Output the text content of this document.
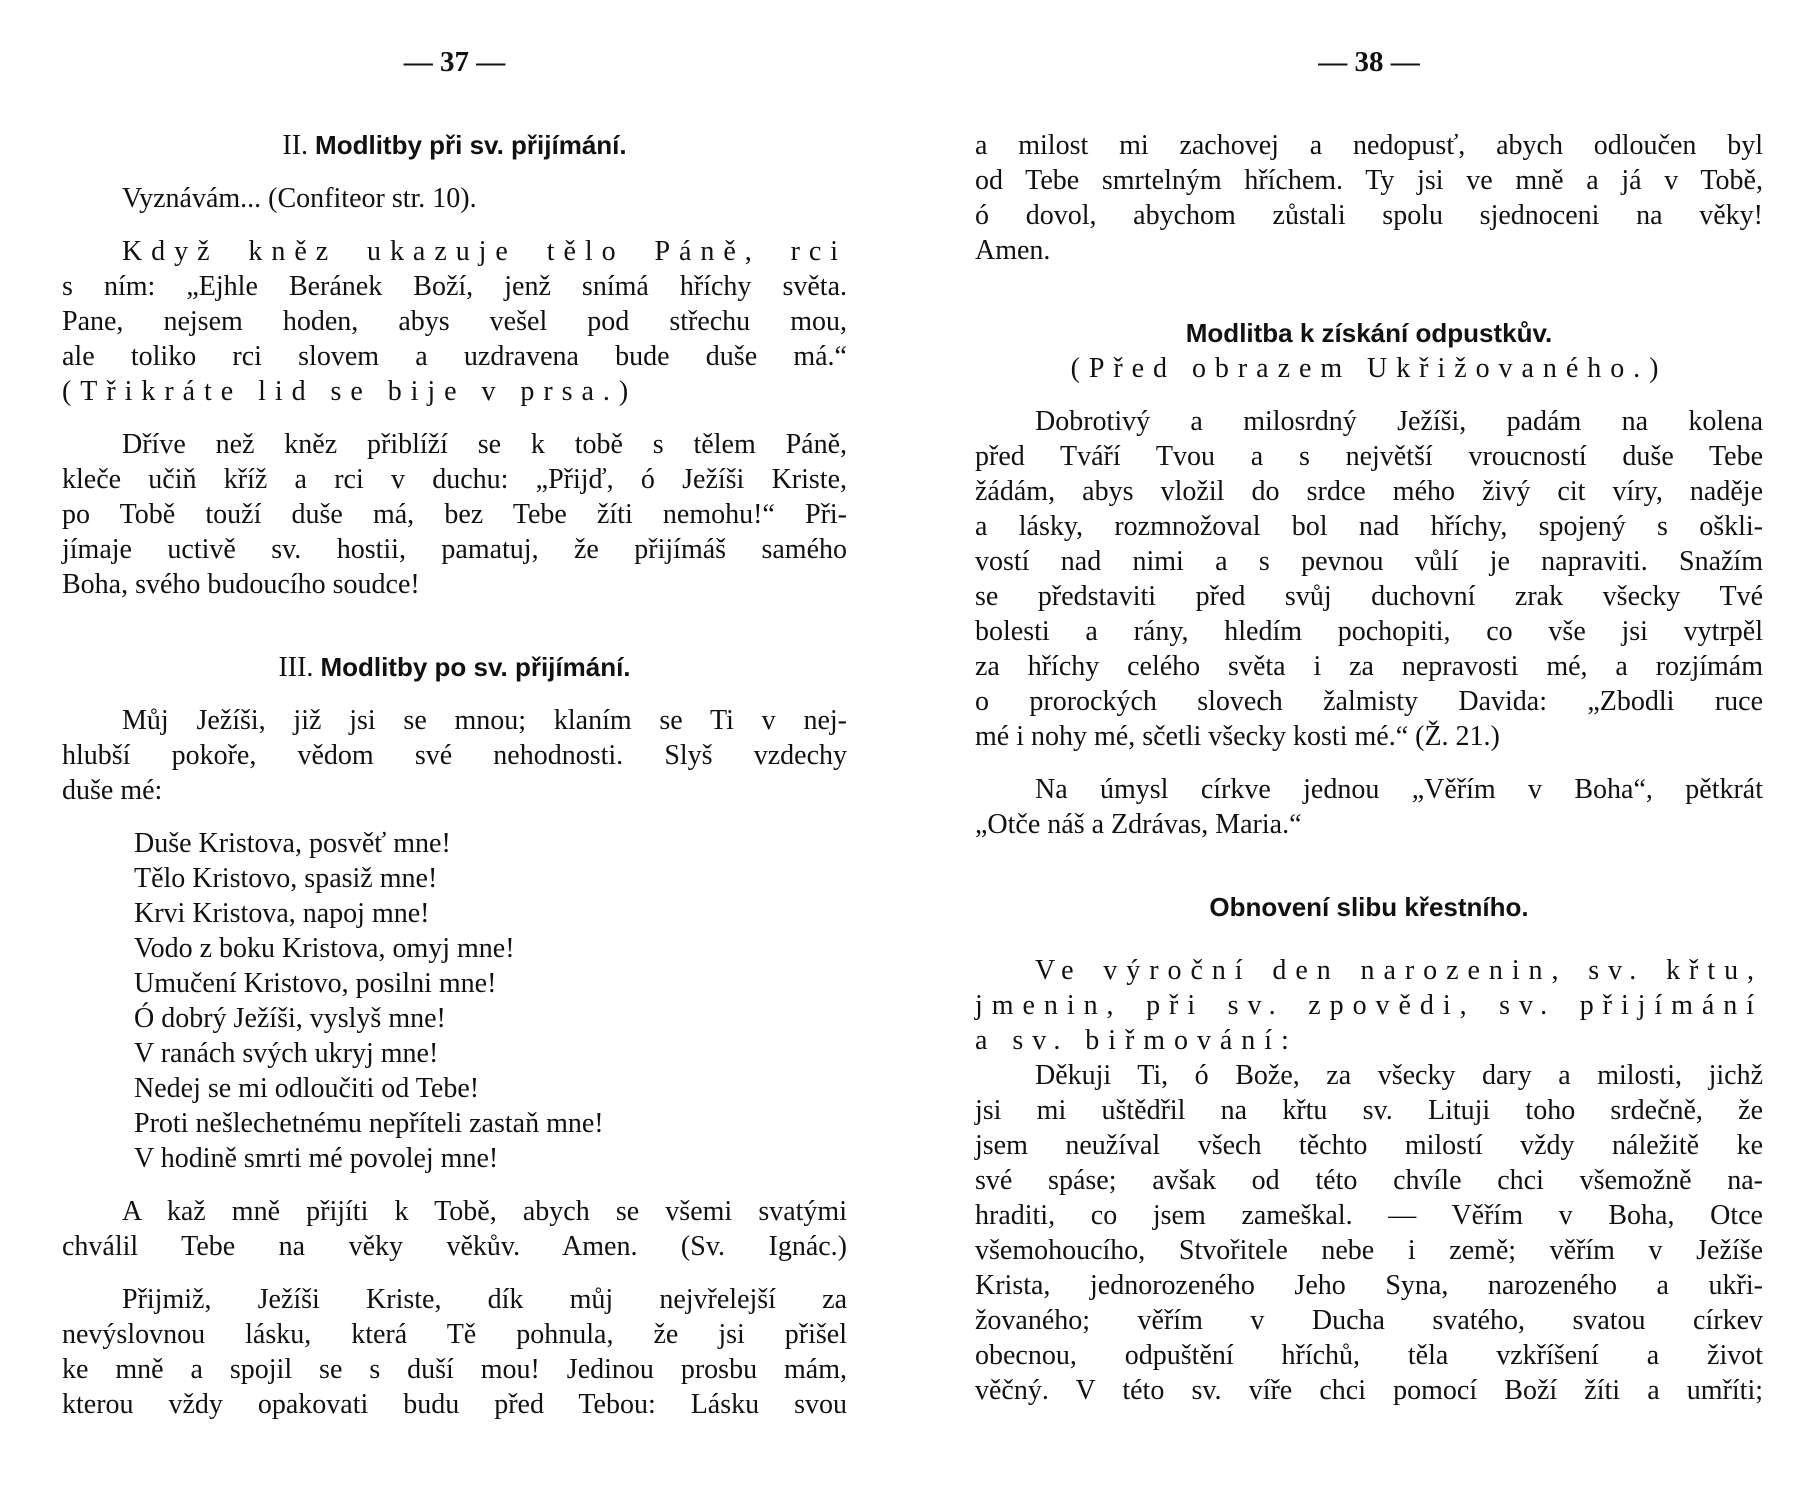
— 37 —
II. Modlitby při sv. přijímání.
Vyznávám... (Confiteor str. 10).
Když kněz ukazuje tělo Páně, rci
s ním: „Ejhle Beránek Boží, jenž snímá hříchy světa.
Pane, nejsem hoden, abys vešel pod střechu mou,
ale toliko rci slovem a uzdravena bude duše má.“
(Třikráte lid se bije v prsa.)
Dříve než kněz přiblíží se k tobě s tělem Páně,
kleče učiň kříž a rci v duchu: „Přijď, ó Ježíši Kriste,
po Tobě touží duše má, bez Tebe žíti nemohu!“ Při-
jímaje uctivě sv. hostii, pamatuj, že přijímáš samého
Boha, svého budoucího soudce!
III. Modlitby po sv. přijímání.
Můj Ježíši, již jsi se mnou; klaním se Ti v nej-
hlubší pokoře, vědom své nehodnosti. Slyš vzdechy
duše mé:
Duše Kristova, posvěť mne!
Tělo Kristovo, spasiž mne!
Krvi Kristova, napoj mne!
Vodo z boku Kristova, omyj mne!
Umučení Kristovo, posilni mne!
Ó dobrý Ježíši, vyslyš mne!
V ranách svých ukryj mne!
Nedej se mi odloučiti od Tebe!
Proti nešlechetnému nepříteli zastaň mne!
V hodině smrti mé povolej mne!
A kaž mně přijíti k Tobě, abych se všemi svatými
chválil Tebe na věky věkův. Amen. (Sv. Ignác.)
Přijmiž, Ježíši Kriste, dík můj nejvřelejší za
nevýslovnou lásku, která Tě pohnula, že jsi přišel
ke mně a spojil se s duší mou! Jedinou prosbu mám,
kterou vždy opakovati budu před Tebou: Lásku svou
— 38 —
a milost mi zachovej a nedopusť, abych odloučen byl
od Tebe smrtelným hříchem. Ty jsi ve mně a já v Tobě,
ó dovol, abychom zůstali spolu sjednoceni na věky!
Amen.
Modlitba k získání odpustkův.
(Před obrazem Ukřižovaného.)
Dobrotivý a milosrdný Ježíši, padám na kolena
před Tváří Tvou a s největší vroucností duše Tebe
žádám, abys vložil do srdce mého živý cit víry, naděje
a lásky, rozmnožoval bol nad hříchy, spojený s oškli-
vostí nad nimi a s pevnou vůlí je napraviti. Snažím
se představiti před svůj duchovní zrak všecky Tvé
bolesti a rány, hledím pochopiti, co vše jsi vytrpěl
za hříchy celého světa i za nepravosti mé, a rozjímám
o prorockých slovech žalmisty Davida: „Zbodli ruce
mé i nohy mé, sčetli všecky kosti mé.“ (Ž. 21.)
Na úmysl církve jednou „Věřím v Boha“, pětkrát
„Otče náš a Zdrávas, Maria.“
Obnovení slibu křestního.
Ve výroční den narozenin, sv. křtu,
jmenin, při sv. zpovědi, sv. přijímání
a sv. biřmování:
Děkuji Ti, ó Bože, za všecky dary a milosti, jichž
jsi mi uštědřil na křtu sv. Lituji toho srdečně, že
jsem neužíval všech těchto milostí vždy náležitě ke
své spáse; avšak od této chvíle chci všemožně na-
hraditi, co jsem zameškal. — Věřím v Boha, Otce
všemohoucího, Stvořitele nebe i země; věřím v Ježíše
Krista, jednorozeného Jeho Syna, narozeného a ukři-
žovaného; věřím v Ducha svatého, svatou církev
obecnou, odpuštění hříchů, těla vzkříšení a život
věčný. V této sv. víře chci pomocí Boží žíti a umříti;
